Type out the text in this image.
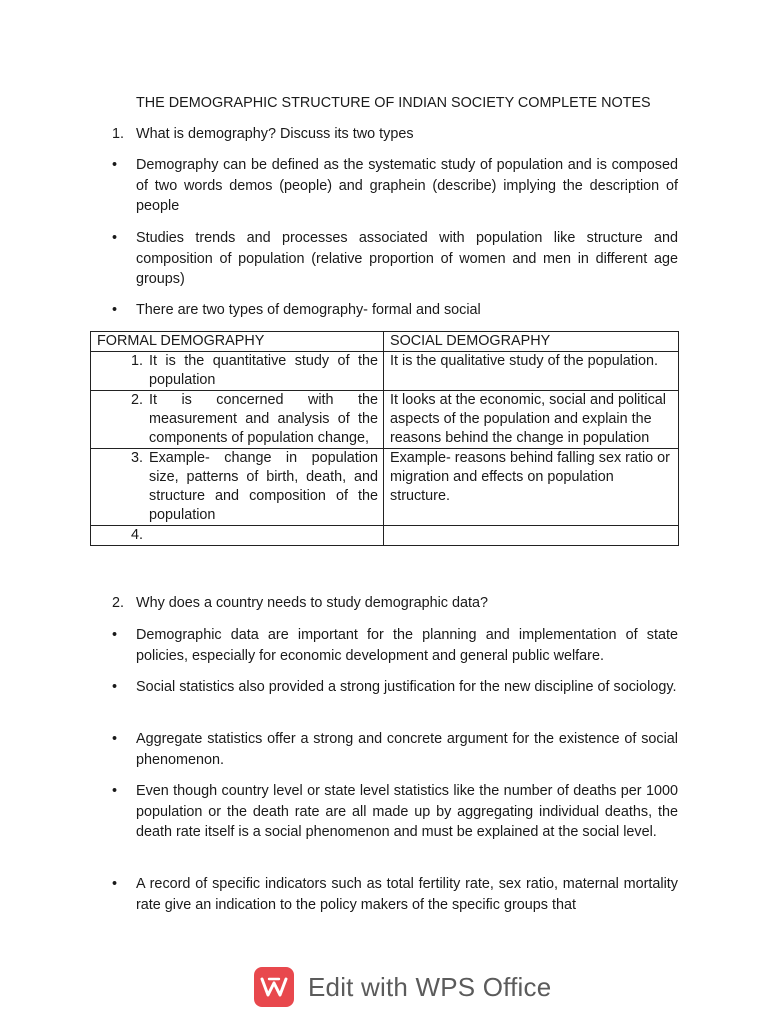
THE DEMOGRAPHIC STRUCTURE OF INDIAN SOCIETY COMPLETE NOTES
1. What is demography? Discuss its two types
•	Demography can be defined as the systematic study of population and is composed of two words demos (people) and graphein (describe) implying the description of people
•	Studies trends and processes associated with population like structure and composition of population (relative proportion of women and men in different age groups)
•	There are two types of demography- formal and social
FORMAL DEMOGRAPHY	SOCIAL DEMOGRAPHY

1. It is the quantitative study of the population	It is the qualitative study of the population.

2. It is concerned with the measurement and analysis of the components of population change,	It looks at the economic, social and political aspects of the population and explain the reasons behind the change in population

3. Example- change in population size, patterns of birth, death, and structure and composition of the population	Example- reasons behind falling sex ratio or migration and effects on population structure.

4.	

2. Why does a country needs to study demographic data?
•	Demographic data are important for the planning and implementation of state policies, especially for economic development and general public welfare.
•	Social statistics also provided a strong justification for the new discipline of sociology.
•	Aggregate statistics offer a strong and concrete argument for the existence of social phenomenon.
•	Even though country level or state level statistics like the number of deaths per 1000 population or the death rate are all made up by aggregating individual deaths, the death rate itself is a social phenomenon and must be explained at the social level.
•	A record of specific indicators such as total fertility rate, sex ratio, maternal mortality rate give an indication to the policy makers of the specific groups that
Edit with WPS Office
